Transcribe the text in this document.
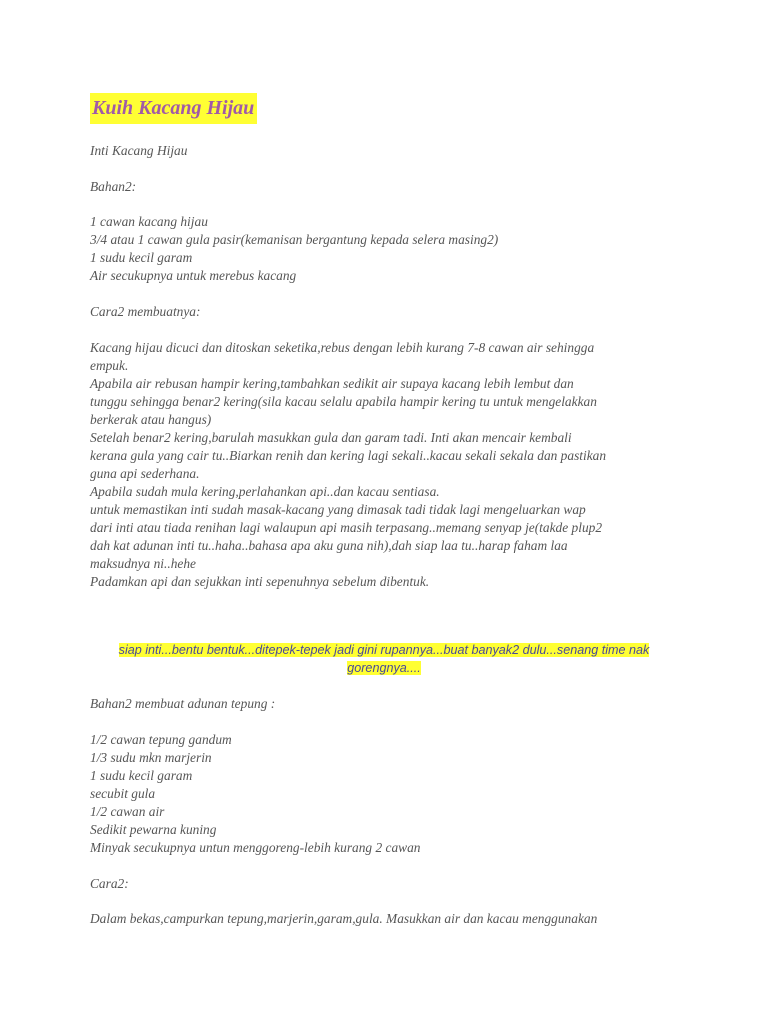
Kuih Kacang Hijau
Inti Kacang Hijau
Bahan2:
1 cawan kacang hijau
3/4 atau 1 cawan gula pasir(kemanisan bergantung kepada selera masing2)
1 sudu kecil garam
Air secukupnya untuk merebus kacang
Cara2 membuatnya:
Kacang hijau dicuci dan ditoskan seketika,rebus dengan lebih kurang 7-8 cawan air sehingga
empuk.
Apabila air rebusan hampir kering,tambahkan sedikit air supaya kacang lebih lembut dan
tunggu sehingga benar2 kering(sila kacau selalu apabila hampir kering tu untuk mengelakkan
berkerak atau hangus)
Setelah benar2 kering,barulah masukkan gula dan garam tadi. Inti akan mencair kembali
kerana gula yang cair tu..Biarkan renih dan kering lagi sekali..kacau sekali sekala dan pastikan
guna api sederhana.
Apabila sudah mula kering,perlahankan api..dan kacau sentiasa.
untuk memastikan inti sudah masak-kacang yang dimasak tadi tidak lagi mengeluarkan wap
dari inti atau tiada renihan lagi walaupun api masih terpasang..memang senyap je(takde plup2
dah kat adunan inti tu..haha..bahasa apa aku guna nih),dah siap laa tu..harap faham laa
maksudnya ni..hehe
Padamkan api dan sejukkan inti sepenuhnya sebelum dibentuk.
siap inti...bentu bentuk...ditepek-tepek jadi gini rupannya...buat banyak2 dulu...senang time nak
gorengnya....
Bahan2 membuat adunan tepung :
1/2 cawan tepung gandum
1/3 sudu mkn marjerin
1 sudu kecil garam
secubit gula
1/2 cawan air
Sedikit pewarna kuning
Minyak secukupnya untun menggoreng-lebih kurang 2 cawan
Cara2:
Dalam bekas,campurkan tepung,marjerin,garam,gula. Masukkan air dan kacau menggunakan
